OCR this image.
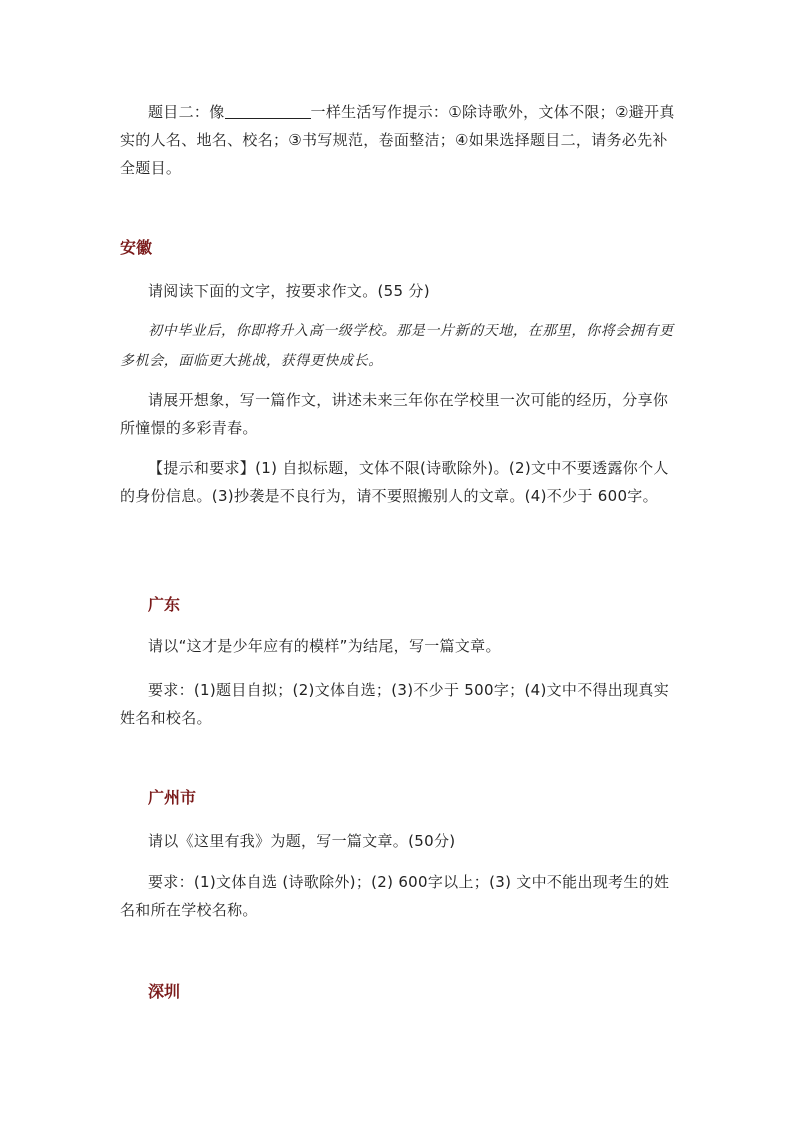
题目二：像	一样生活写作提示：①除诗歌外，文体不限；②避开真实的人名、地名、校名；③书写规范，卷面整洁；④如果选择题目二，请务必先补全题目。
安徽
请阅读下面的文字，按要求作文。(55 分)
初中毕业后，你即将升入高一级学校。那是一片新的天地，在那里，你将会拥有更多机会，面临更大挑战，获得更快成长。
请展开想象，写一篇作文，讲述未来三年你在学校里一次可能的经历，分享你所憧憬的多彩青春。
【提示和要求】(1) 自拟标题，文体不限(诗歌除外)。(2)文中不要透露你个人的身份信息。(3)抄袭是不良行为，请不要照搬别人的文章。(4)不少于 600字。
广东
请以“这才是少年应有的模样”为结尾，写一篇文章。
要求：(1)题目自拟；(2)文体自选；(3)不少于 500字；(4)文中不得出现真实姓名和校名。
广州市
请以《这里有我》为题，写一篇文章。(50分)
要求：(1)文体自选 (诗歌除外)；(2) 600字以上；(3) 文中不能出现考生的姓名和所在学校名称。
深圳
